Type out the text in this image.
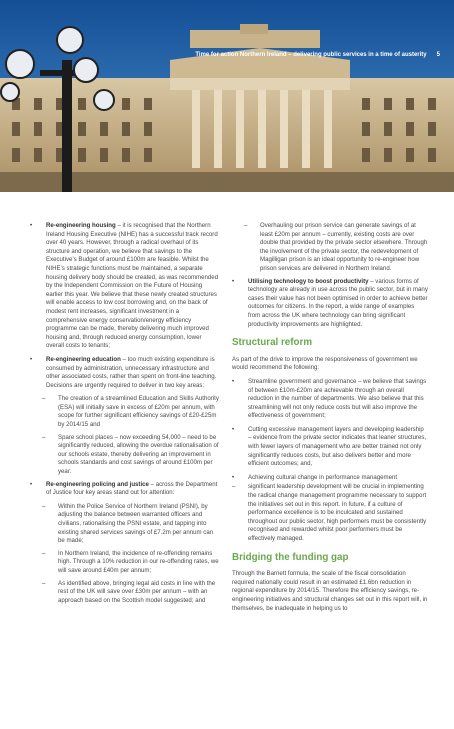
Time for action Northern Ireland – delivering public services in a time of austerity 5
• Re-engineering housing – it is recognised that the Northern Ireland Housing Executive (NIHE) has a successful track record over 40 years. However, through a radical overhaul of its structure and operation, we believe that savings to the Executive’s Budget of around £100m are feasible. Whilst the NIHE’s strategic functions must be maintained, a separate housing delivery body should be created, as was recommended by the Independent Commission on the Future of Housing earlier this year. We believe that these newly created structures will enable access to low cost borrowing and, on the back of modest rent increases, significant investment in a comprehensive energy conservation/energy efficiency programme can be made, thereby delivering much improved housing and, through reduced energy consumption, lower overall costs to tenants;
• Re-engineering education – too much existing expenditure is consumed by administration, unnecessary infrastructure and other associated costs, rather than spent on front-line teaching. Decisions are urgently required to deliver in two key areas:
– The creation of a streamlined Education and Skills Authority (ESA) will initially save in excess of £20m per annum, with scope for further significant efficiency savings of £20-£25m by 2014/15 and
– Spare school places – now exceeding 54,000 – need to be significantly reduced, allowing the overdue rationalisation of our schools estate, thereby delivering an improvement in schools standards and cost savings of around £100m per year.
• Re-engineering policing and justice – across the Department of Justice four key areas stand out for attention:
– Within the Police Service of Northern Ireland (PSNI), by adjusting the balance between warranted officers and civilians, rationalising the PSNI estate, and tapping into existing shared services savings of £7.2m per annum can be made;
– In Northern Ireland, the incidence of re-offending remains high. Through a 10% reduction in our re-offending rates, we will save around £40m per annum;
– As identified above, bringing legal aid costs in line with the rest of the UK will save over £30m per annum – with an approach based on the Scottish model suggested; and
– Overhauling our prison service can generate savings of at least £20m per annum – currently, existing costs are over double that provided by the private sector elsewhere. Through the involvement of the private sector, the redevelopment of Magilligan prison is an ideal opportunity to re-engineer how prison services are delivered in Northern Ireland.
• Utilising technology to boost productivity – various forms of technology are already in use across the public sector, but in many cases their value has not been optimised in order to achieve better outcomes for citizens. In the report, a wide range of examples from across the UK where technology can bring significant productivity improvements are highlighted.
Structural reform
As part of the drive to improve the responsiveness of government we would recommend the following:
• Streamline government and governance – we believe that savings of between £10m-£20m are achievable through an overall reduction in the number of departments. We also believe that this streamlining will not only reduce costs but will also improve the effectiveness of government;
• Cutting excessive management layers and developing leadership – evidence from the private sector indicates that leaner structures, with fewer layers of management who are better trained not only significantly reduces costs, but also delivers better and more efficient outcomes; and,
• Achieving cultural change in performance management
– significant leadership development will be crucial in implementing the radical change management programme necessary to support the initiatives set out in this report. In future, if a culture of performance excellence is to be inculcated and sustained throughout our public sector, high performers must be consistently recognised and rewarded whilst poor performers must be effectively managed.
Bridging the funding gap
Through the Barnett formula, the scale of the fiscal consolidation required nationally could result in an estimated £1.6bn reduction in regional expenditure by 2014/15. Therefore the efficiency savings, re-engineering initiatives and structural changes set out in this report will, in themselves, be inadequate in helping us to
